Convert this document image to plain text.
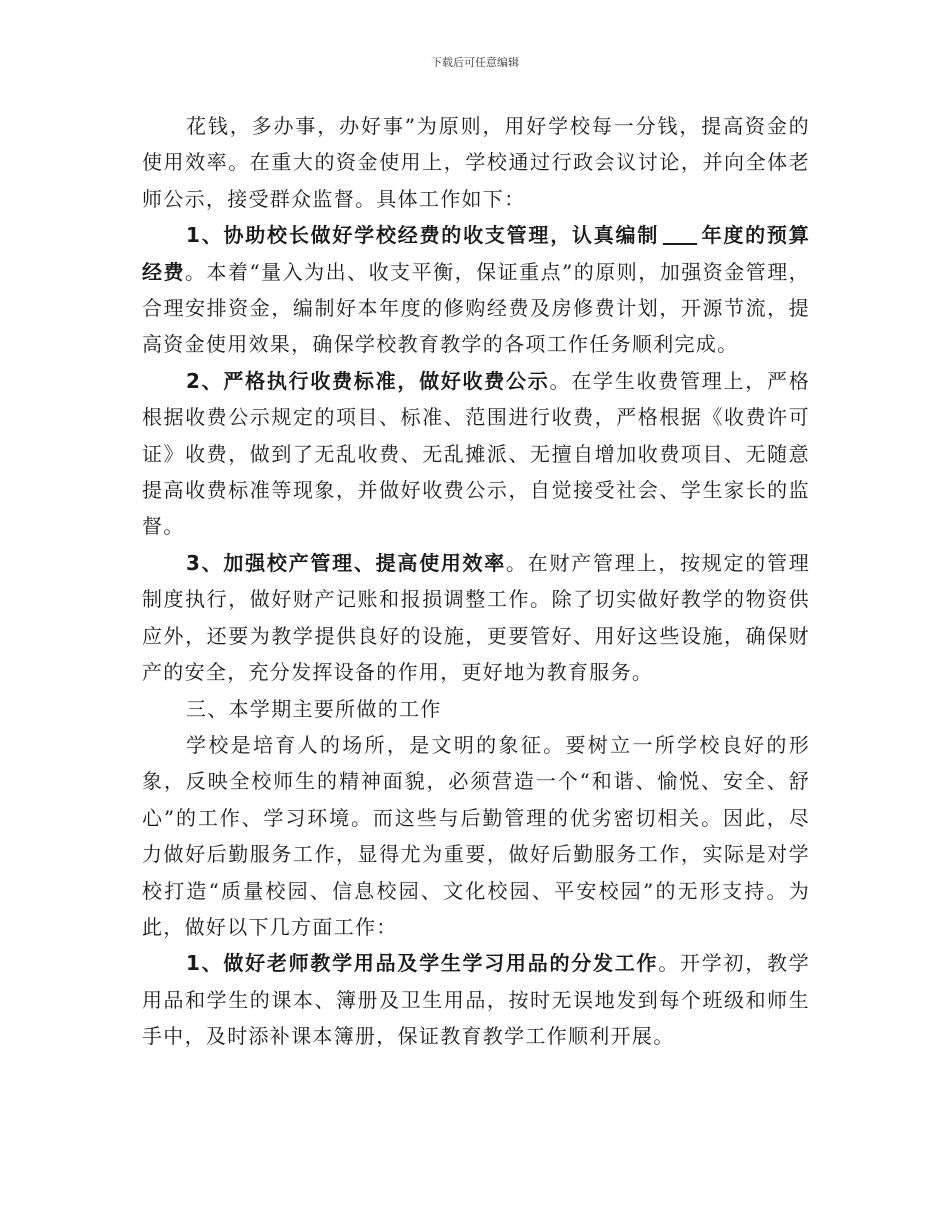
下载后可任意编辑

花钱，多办事，办好事”为原则，用好学校每一分钱，提高资金的使用效率。在重大的资金使用上，学校通过行政会议讨论，并向全体老师公示，接受群众监督。具体工作如下：

1、协助校长做好学校经费的收支管理，认真编制 年度的预算经费。本着“量入为出、收支平衡，保证重点”的原则，加强资金管理，合理安排资金，编制好本年度的修购经费及房修费计划，开源节流，提高资金使用效果，确保学校教育教学的各项工作任务顺利完成。

2、严格执行收费标准，做好收费公示。在学生收费管理上，严格根据收费公示规定的项目、标准、范围进行收费，严格根据《收费许可证》收费，做到了无乱收费、无乱摊派、无擅自增加收费项目、无随意提高收费标准等现象，并做好收费公示，自觉接受社会、学生家长的监督。

3、加强校产管理、提高使用效率。在财产管理上，按规定的管理制度执行，做好财产记账和报损调整工作。除了切实做好教学的物资供应外，还要为教学提供良好的设施，更要管好、用好这些设施，确保财产的安全，充分发挥设备的作用，更好地为教育服务。

三、本学期主要所做的工作

学校是培育人的场所，是文明的象征。要树立一所学校良好的形象，反映全校师生的精神面貌，必须营造一个“和谐、愉悦、安全、舒心”的工作、学习环境。而这些与后勤管理的优劣密切相关。因此，尽力做好后勤服务工作，显得尤为重要，做好后勤服务工作，实际是对学校打造“质量校园、信息校园、文化校园、平安校园”的无形支持。为此，做好以下几方面工作：

1、做好老师教学用品及学生学习用品的分发工作。开学初，教学用品和学生的课本、簿册及卫生用品，按时无误地发到每个班级和师生手中，及时添补课本簿册，保证教育教学工作顺利开展。
